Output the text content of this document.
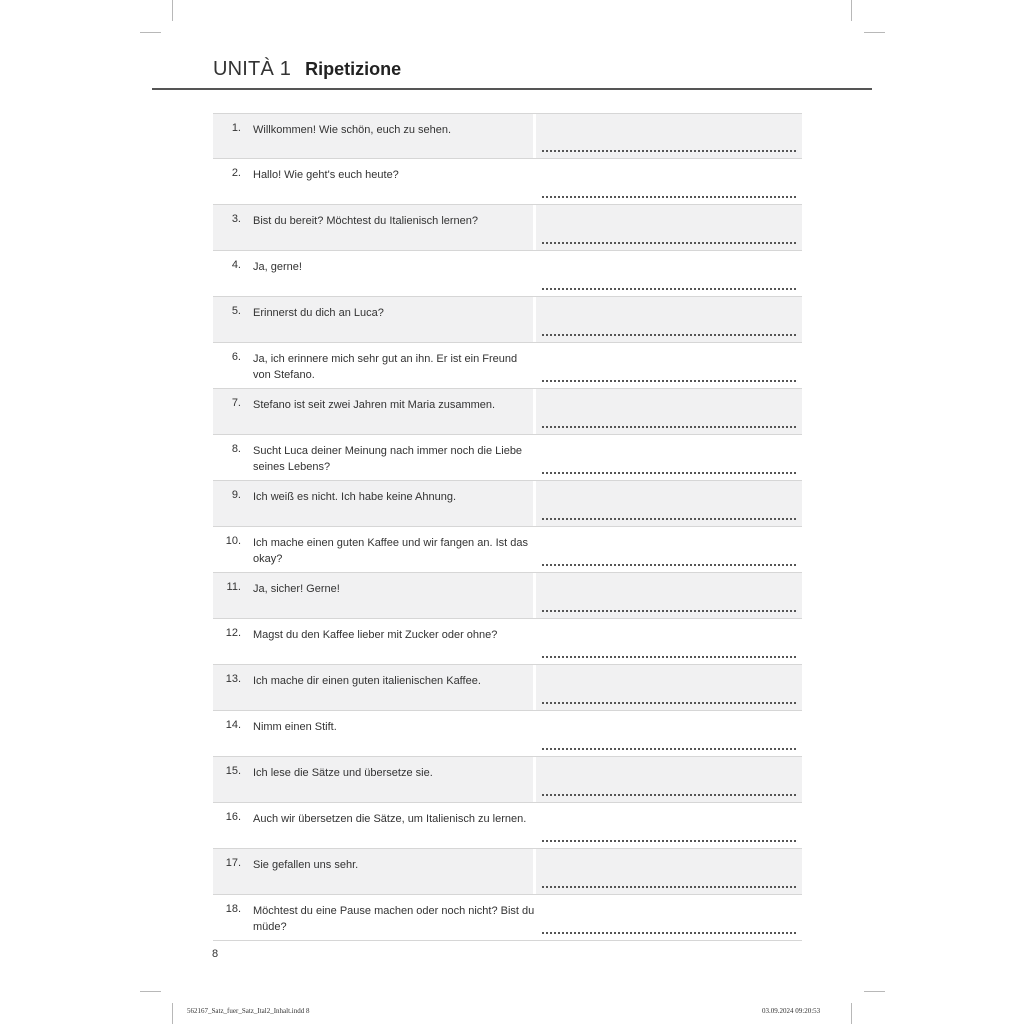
UNITÀ 1 Ripetizione
1. Willkommen! Wie schön, euch zu sehen.
2. Hallo! Wie geht's euch heute?
3. Bist du bereit? Möchtest du Italienisch lernen?
4. Ja, gerne!
5. Erinnerst du dich an Luca?
6. Ja, ich erinnere mich sehr gut an ihn. Er ist ein Freund von Stefano.
7. Stefano ist seit zwei Jahren mit Maria zusammen.
8. Sucht Luca deiner Meinung nach immer noch die Liebe seines Lebens?
9. Ich weiß es nicht. Ich habe keine Ahnung.
10. Ich mache einen guten Kaffee und wir fangen an. Ist das okay?
11. Ja, sicher! Gerne!
12. Magst du den Kaffee lieber mit Zucker oder ohne?
13. Ich mache dir einen guten italienischen Kaffee.
14. Nimm einen Stift.
15. Ich lese die Sätze und übersetze sie.
16. Auch wir übersetzen die Sätze, um Italienisch zu lernen.
17. Sie gefallen uns sehr.
18. Möchtest du eine Pause machen oder noch nicht? Bist du müde?
8
562167_Satz_fuer_Satz_Ital2_Inhalt.indd 8	03.09.2024 09:20:53
